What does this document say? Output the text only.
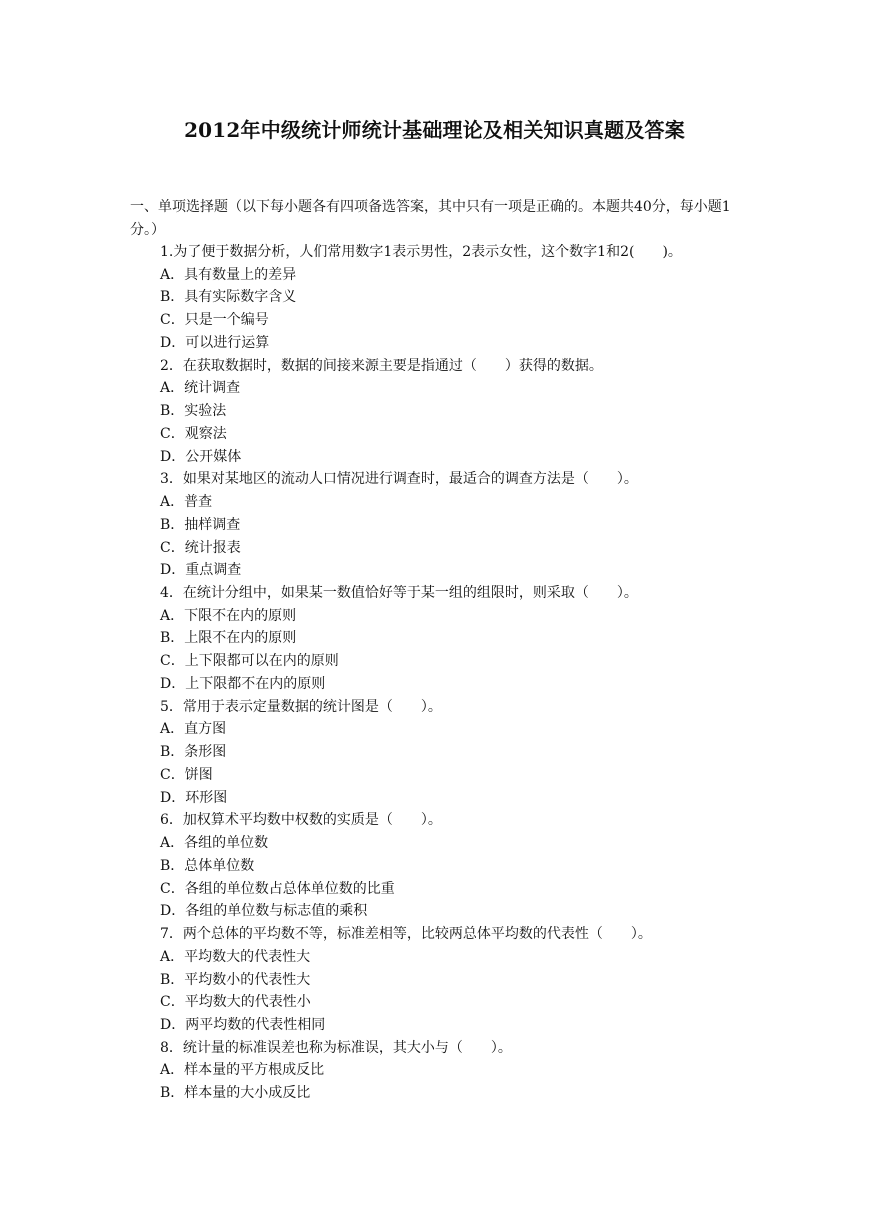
2012年中级统计师统计基础理论及相关知识真题及答案
一、单项选择题（以下每小题各有四项备选答案，其中只有一项是正确的。本题共40分，每小题1分。）
1.为了便于数据分析，人们常用数字1表示男性，2表示女性，这个数字1和2(　　)。
A．具有数量上的差异
B．具有实际数字含义
C．只是一个编号
D．可以进行运算
2．在获取数据时，数据的间接来源主要是指通过（　　）获得的数据。
A．统计调查
B．实验法
C．观察法
D．公开媒体
3．如果对某地区的流动人口情况进行调查时，最适合的调查方法是（　　）。
A．普查
B．抽样调查
C．统计报表
D．重点调查
4．在统计分组中，如果某一数值恰好等于某一组的组限时，则采取（　　）。
A．下限不在内的原则
B．上限不在内的原则
C．上下限都可以在内的原则
D．上下限都不在内的原则
5．常用于表示定量数据的统计图是（　　）。
A．直方图
B．条形图
C．饼图
D．环形图
6．加权算术平均数中权数的实质是（　　）。
A．各组的单位数
B．总体单位数
C．各组的单位数占总体单位数的比重
D．各组的单位数与标志值的乘积
7．两个总体的平均数不等，标准差相等，比较两总体平均数的代表性（　　）。
A．平均数大的代表性大
B．平均数小的代表性大
C．平均数大的代表性小
D．两平均数的代表性相同
8．统计量的标准误差也称为标准误，其大小与（　　）。
A．样本量的平方根成反比
B．样本量的大小成反比
